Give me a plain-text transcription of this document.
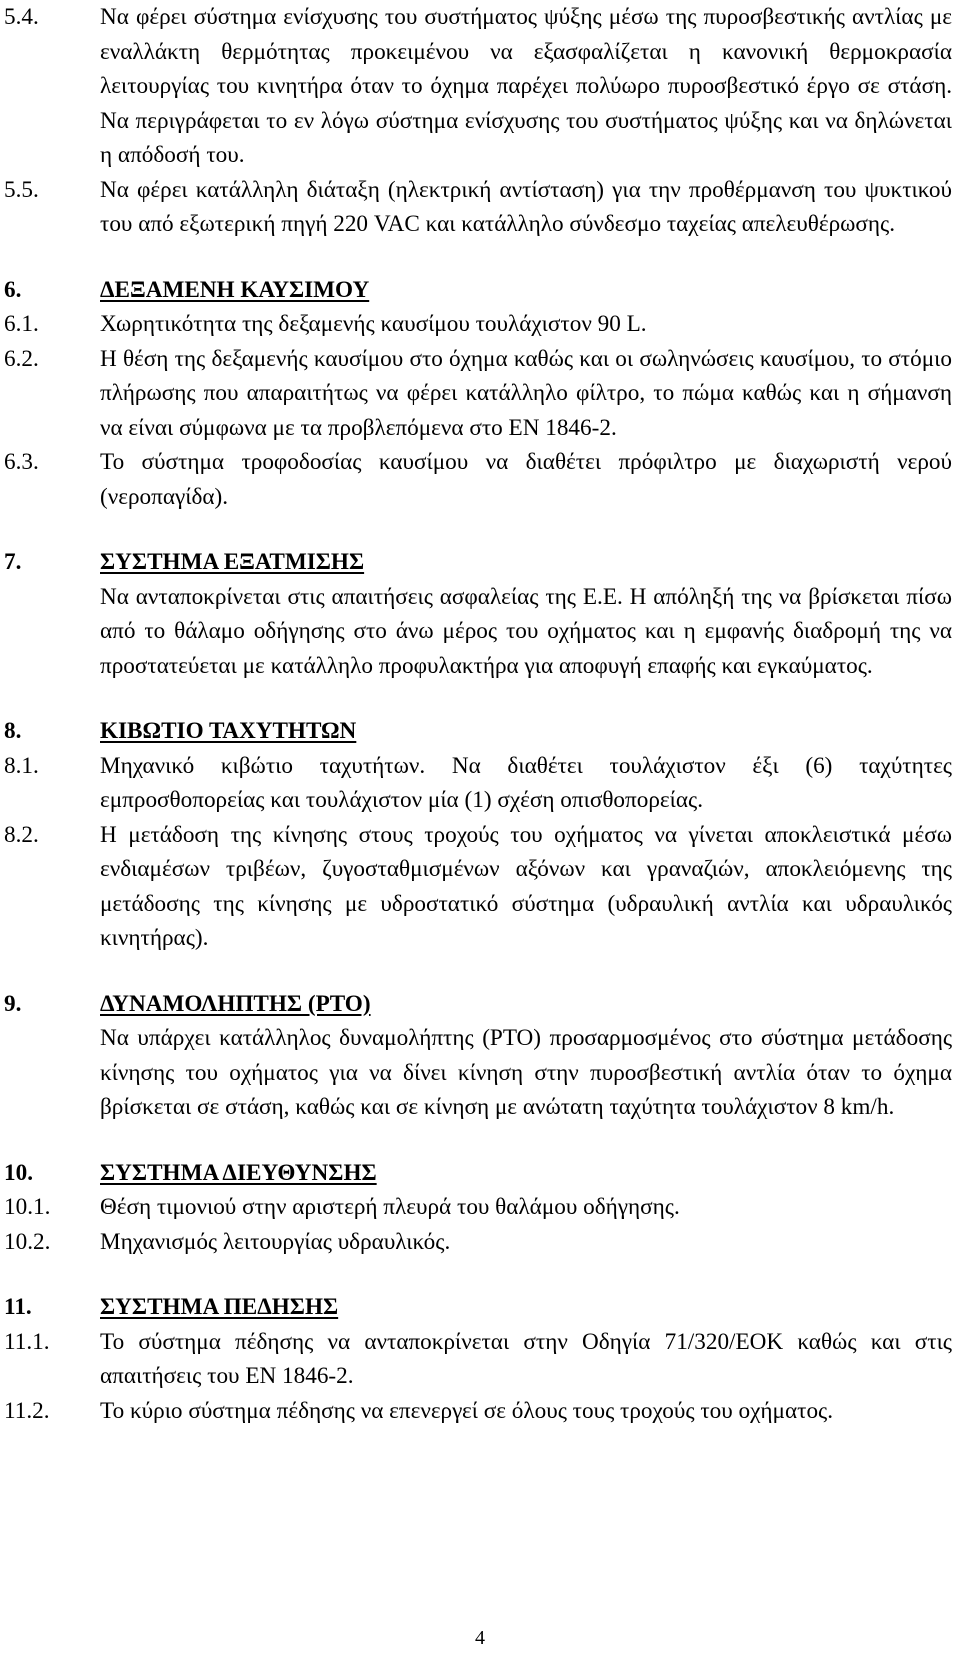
5.4.	Να φέρει σύστημα ενίσχυσης του συστήματος ψύξης μέσω της πυροσβεστικής αντλίας με εναλλάκτη θερμότητας προκειμένου να εξασφαλίζεται η κανονική θερμοκρασία λειτουργίας του κινητήρα όταν το όχημα παρέχει πολύωρο πυροσβεστικό έργο σε στάση. Να περιγράφεται το εν λόγω σύστημα ενίσχυσης του συστήματος ψύξης και να δηλώνεται η απόδοσή του.
5.5.	Να φέρει κατάλληλη διάταξη (ηλεκτρική αντίσταση) για την προθέρμανση του ψυκτικού του από εξωτερική πηγή 220 VAC και κατάλληλο σύνδεσμο ταχείας απελευθέρωσης.
6.	ΔΕΞΑΜΕΝΗ ΚΑΥΣΙΜΟΥ
6.1.	Χωρητικότητα της δεξαμενής καυσίμου τουλάχιστον 90 L.
6.2.	Η θέση της δεξαμενής καυσίμου στο όχημα καθώς και οι σωληνώσεις καυσίμου, το στόμιο πλήρωσης που απαραιτήτως να φέρει κατάλληλο φίλτρο, το πώμα καθώς και η σήμανση να είναι σύμφωνα με τα προβλεπόμενα στο EN 1846-2.
6.3.	Το σύστημα τροφοδοσίας καυσίμου να διαθέτει πρόφιλτρο με διαχωριστή νερού (νεροπαγίδα).
7.	ΣΥΣΤΗΜΑ ΕΞΑΤΜΙΣΗΣ
Να ανταποκρίνεται στις απαιτήσεις ασφαλείας της Ε.Ε. Η απόληξή της να βρίσκεται πίσω από το θάλαμο οδήγησης στο άνω μέρος του οχήματος και η εμφανής διαδρομή της να προστατεύεται με κατάλληλο προφυλακτήρα για αποφυγή επαφής και εγκαύματος.
8.	ΚΙΒΩΤΙΟ ΤΑΧΥΤΗΤΩΝ
8.1.	Μηχανικό κιβώτιο ταχυτήτων. Να διαθέτει τουλάχιστον έξι (6) ταχύτητες εμπροσθοπορείας και τουλάχιστον μία (1) σχέση οπισθοπορείας.
8.2.	Η μετάδοση της κίνησης στους τροχούς του οχήματος να γίνεται αποκλειστικά μέσω ενδιαμέσων τριβέων, ζυγοσταθμισμένων αξόνων και γραναζιών, αποκλειόμενης της μετάδοσης της κίνησης με υδροστατικό σύστημα (υδραυλική αντλία και υδραυλικός κινητήρας).
9.	ΔΥΝΑΜΟΛΗΠΤΗΣ (PTO)
Να υπάρχει κατάλληλος δυναμολήπτης (PTO) προσαρμοσμένος στο σύστημα μετάδοσης κίνησης του οχήματος για να δίνει κίνηση στην πυροσβεστική αντλία όταν το όχημα βρίσκεται σε στάση, καθώς και σε κίνηση με ανώτατη ταχύτητα τουλάχιστον 8 km/h.
10.	ΣΥΣΤΗΜΑ ΔΙΕΥΘΥΝΣΗΣ
10.1.	Θέση τιμονιού στην αριστερή πλευρά του θαλάμου οδήγησης.
10.2.	Μηχανισμός λειτουργίας υδραυλικός.
11.	ΣΥΣΤΗΜΑ ΠΕΔΗΣΗΣ
11.1.	Το σύστημα πέδησης να ανταποκρίνεται στην Οδηγία 71/320/ΕΟΚ καθώς και στις απαιτήσεις του EN 1846-2.
11.2.	Το κύριο σύστημα πέδησης να επενεργεί σε όλους τους τροχούς του οχήματος.
4
